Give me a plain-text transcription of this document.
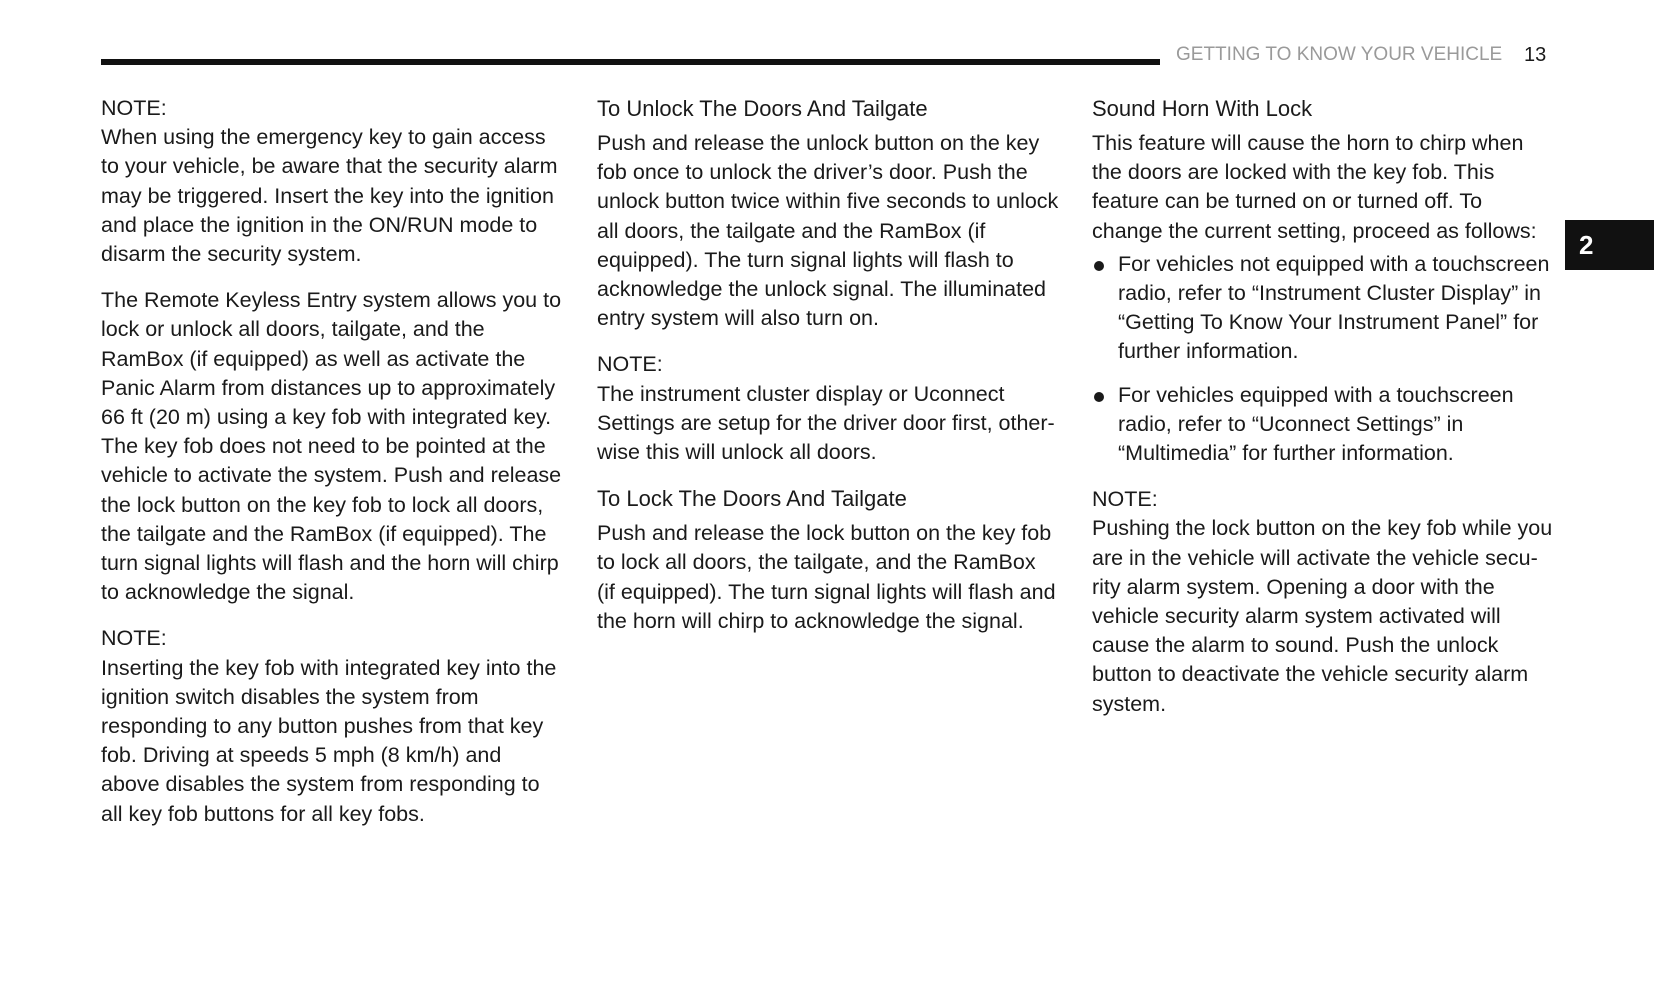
GETTING TO KNOW YOUR VEHICLE 13
2
NOTE:
When using the emergency key to gain access to your vehicle, be aware that the security alarm may be triggered. Insert the key into the ignition and place the ignition in the ON/RUN mode to disarm the security system.

The Remote Keyless Entry system allows you to lock or unlock all doors, tailgate, and the RamBox (if equipped) as well as activate the Panic Alarm from distances up to approximately 66 ft (20 m) using a key fob with integrated key. The key fob does not need to be pointed at the vehicle to activate the system. Push and release the lock button on the key fob to lock all doors, the tailgate and the RamBox (if equipped). The turn signal lights will flash and the horn will chirp to acknowledge the signal.

NOTE:
Inserting the key fob with integrated key into the ignition switch disables the system from responding to any button pushes from that key fob. Driving at speeds 5 mph (8 km/h) and above disables the system from responding to all key fob buttons for all key fobs.
To Unlock The Doors And Tailgate

Push and release the unlock button on the key fob once to unlock the driver’s door. Push the unlock button twice within five seconds to unlock all doors, the tailgate and the RamBox (if equipped). The turn signal lights will flash to acknowledge the unlock signal. The illuminated entry system will also turn on.

NOTE:
The instrument cluster display or Uconnect Settings are setup for the driver door first, other-wise this will unlock all doors.
To Lock The Doors And Tailgate

Push and release the lock button on the key fob to lock all doors, the tailgate, and the RamBox (if equipped). The turn signal lights will flash and the horn will chirp to acknowledge the signal.

Sound Horn With Lock

This feature will cause the horn to chirp when the doors are locked with the key fob. This feature can be turned on or turned off. To change the current setting, proceed as follows:

For vehicles not equipped with a touchscreen radio, refer to “Instrument Cluster Display” in “Getting To Know Your Instrument Panel” for further information.
For vehicles equipped with a touchscreen radio, refer to “Uconnect Settings” in “Multimedia” for further information.
NOTE:
Pushing the lock button on the key fob while you are in the vehicle will activate the vehicle secu-rity alarm system. Opening a door with the vehicle security alarm system activated will cause the alarm to sound. Push the unlock button to deactivate the vehicle security alarm system.
